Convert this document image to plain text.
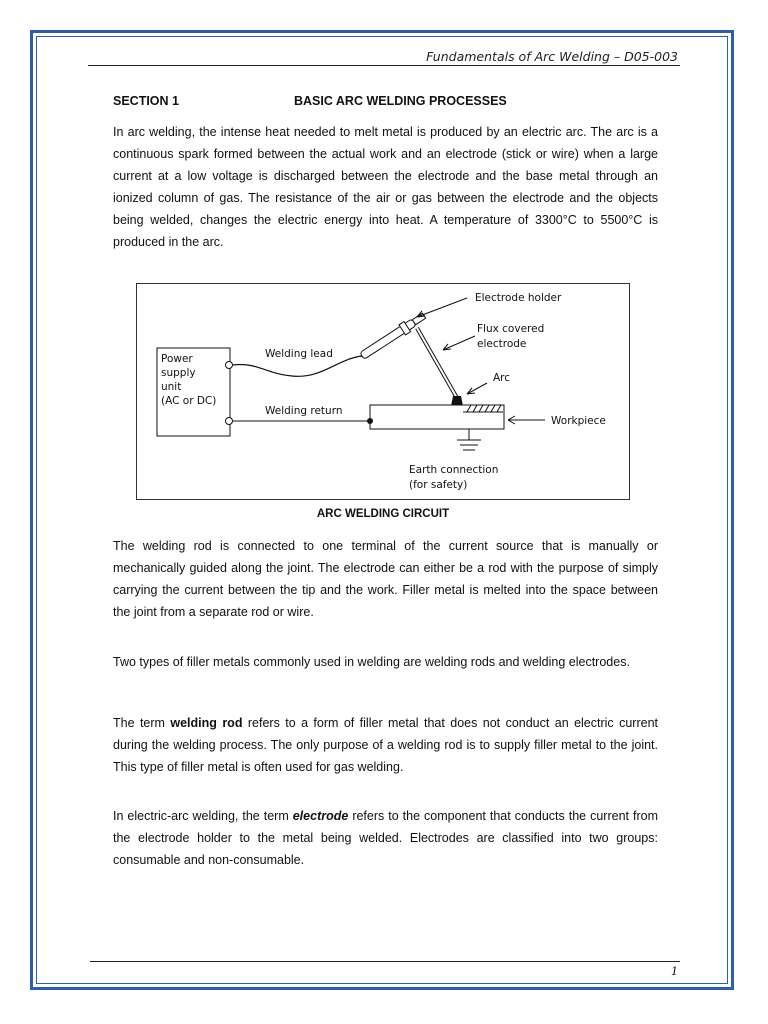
Fundamentals of Arc Welding – D05-003
SECTION 1	BASIC ARC WELDING PROCESSES

In arc welding, the intense heat needed to melt metal is produced by an electric arc. The arc is a continuous spark formed between the actual work and an electrode (stick or wire) when a large current at a low voltage is discharged between the electrode and the base metal through an ionized column of gas. The resistance of the air or gas between the electrode and the objects being welded, changes the electric energy into heat. A temperature of 3300°C to 5500°C is produced in the arc.

Power
supply
unit
(AC or DC)
Welding lead
Welding return
Earth connection
(for safety)
Electrode holder
Flux covered
electrode
Arc
Workpiece
ARC WELDING CIRCUIT

The welding rod is connected to one terminal of the current source that is manually or mechanically guided along the joint. The electrode can either be a rod with the purpose of simply carrying the current between the tip and the work. Filler metal is melted into the space between the joint from a separate rod or wire.

Two types of filler metals commonly used in welding are welding rods and welding electrodes.

The term welding rod refers to a form of filler metal that does not conduct an electric current during the welding process. The only purpose of a welding rod is to supply filler metal to the joint. This type of filler metal is often used for gas welding.

In electric-arc welding, the term electrode refers to the component that conducts the current from the electrode holder to the metal being welded. Electrodes are classified into two groups: consumable and non-consumable.

1
